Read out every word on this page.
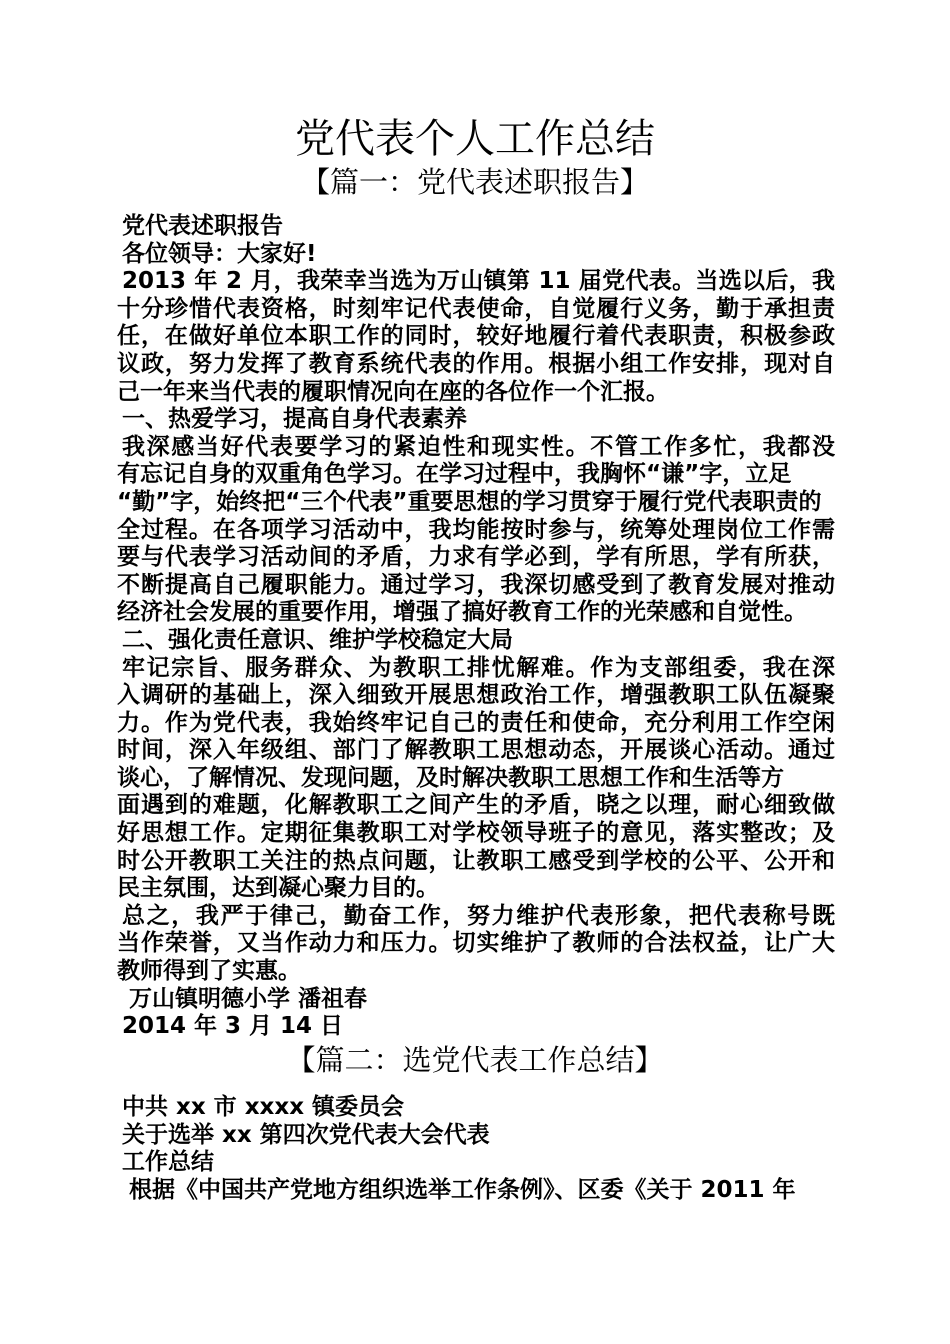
党代表个人工作总结
【篇一：党代表述职报告】
党代表述职报告
各位领导：大家好!
2013 年 2 月，我荣幸当选为万山镇第 11 届党代表。当选以后，我
十分珍惜代表资格，时刻牢记代表使命，自觉履行义务，勤于承担责
任，在做好单位本职工作的同时，较好地履行着代表职责，积极参政
议政，努力发挥了教育系统代表的作用。根据小组工作安排，现对自
己一年来当代表的履职情况向在座的各位作一个汇报。
一、热爱学习，提高自身代表素养
我深感当好代表要学习的紧迫性和现实性。不管工作多忙，我都没
有忘记自身的双重角色学习。在学习过程中，我胸怀“谦”字，立足
“勤”字，始终把“三个代表”重要思想的学习贯穿于履行党代表职责的
全过程。在各项学习活动中，我均能按时参与，统筹处理岗位工作需
要与代表学习活动间的矛盾，力求有学必到，学有所思，学有所获，
不断提高自己履职能力。通过学习，我深切感受到了教育发展对推动
经济社会发展的重要作用，增强了搞好教育工作的光荣感和自觉性。
二、强化责任意识、维护学校稳定大局
牢记宗旨、服务群众、为教职工排忧解难。作为支部组委，我在深
入调研的基础上，深入细致开展思想政治工作，增强教职工队伍凝聚
力。作为党代表，我始终牢记自己的责任和使命，充分利用工作空闲
时间，深入年级组、部门了解教职工思想动态，开展谈心活动。通过
谈心，了解情况、发现问题，及时解决教职工思想工作和生活等方
面遇到的难题，化解教职工之间产生的矛盾，晓之以理，耐心细致做
好思想工作。定期征集教职工对学校领导班子的意见，落实整改；及
时公开教职工关注的热点问题，让教职工感受到学校的公平、公开和
民主氛围，达到凝心聚力目的。
总之，我严于律己，勤奋工作，努力维护代表形象，把代表称号既
当作荣誉，又当作动力和压力。切实维护了教师的合法权益，让广大
教师得到了实惠。
万山镇明德小学 潘祖春
2014 年 3 月 14 日
【篇二：选党代表工作总结】
中共 xx 市 xxxx 镇委员会
关于选举 xx 第四次党代表大会代表
工作总结
根据《中国共产党地方组织选举工作条例》、区委《关于 2011 年
